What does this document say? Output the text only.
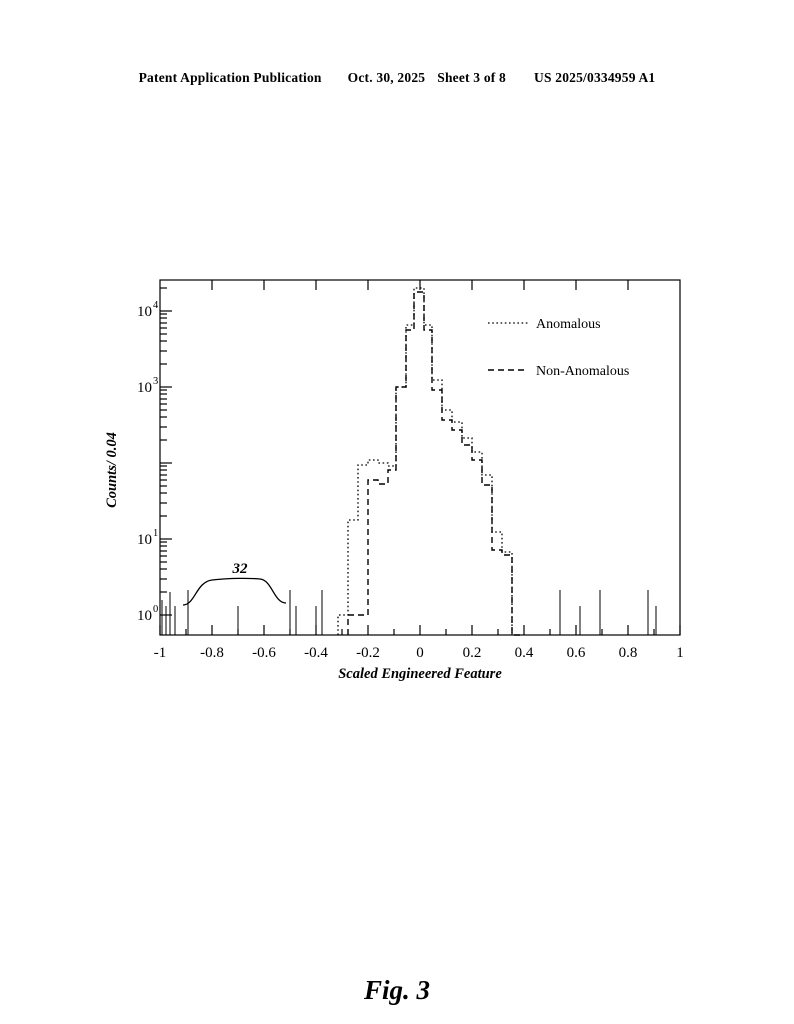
Patent Application Publication Oct. 30, 2025 Sheet 3 of 8 US 2025/0334959 A1
-1 -0.8 -0.6 -0.4 -0.2 0	0.2 0.4 0.6 0.8	1
Scaled Engineered Feature
10 0
10 1
10 3
10 4
Counts/ 0.04
32
Anomalous
Non-Anomalous
Fig. 3
